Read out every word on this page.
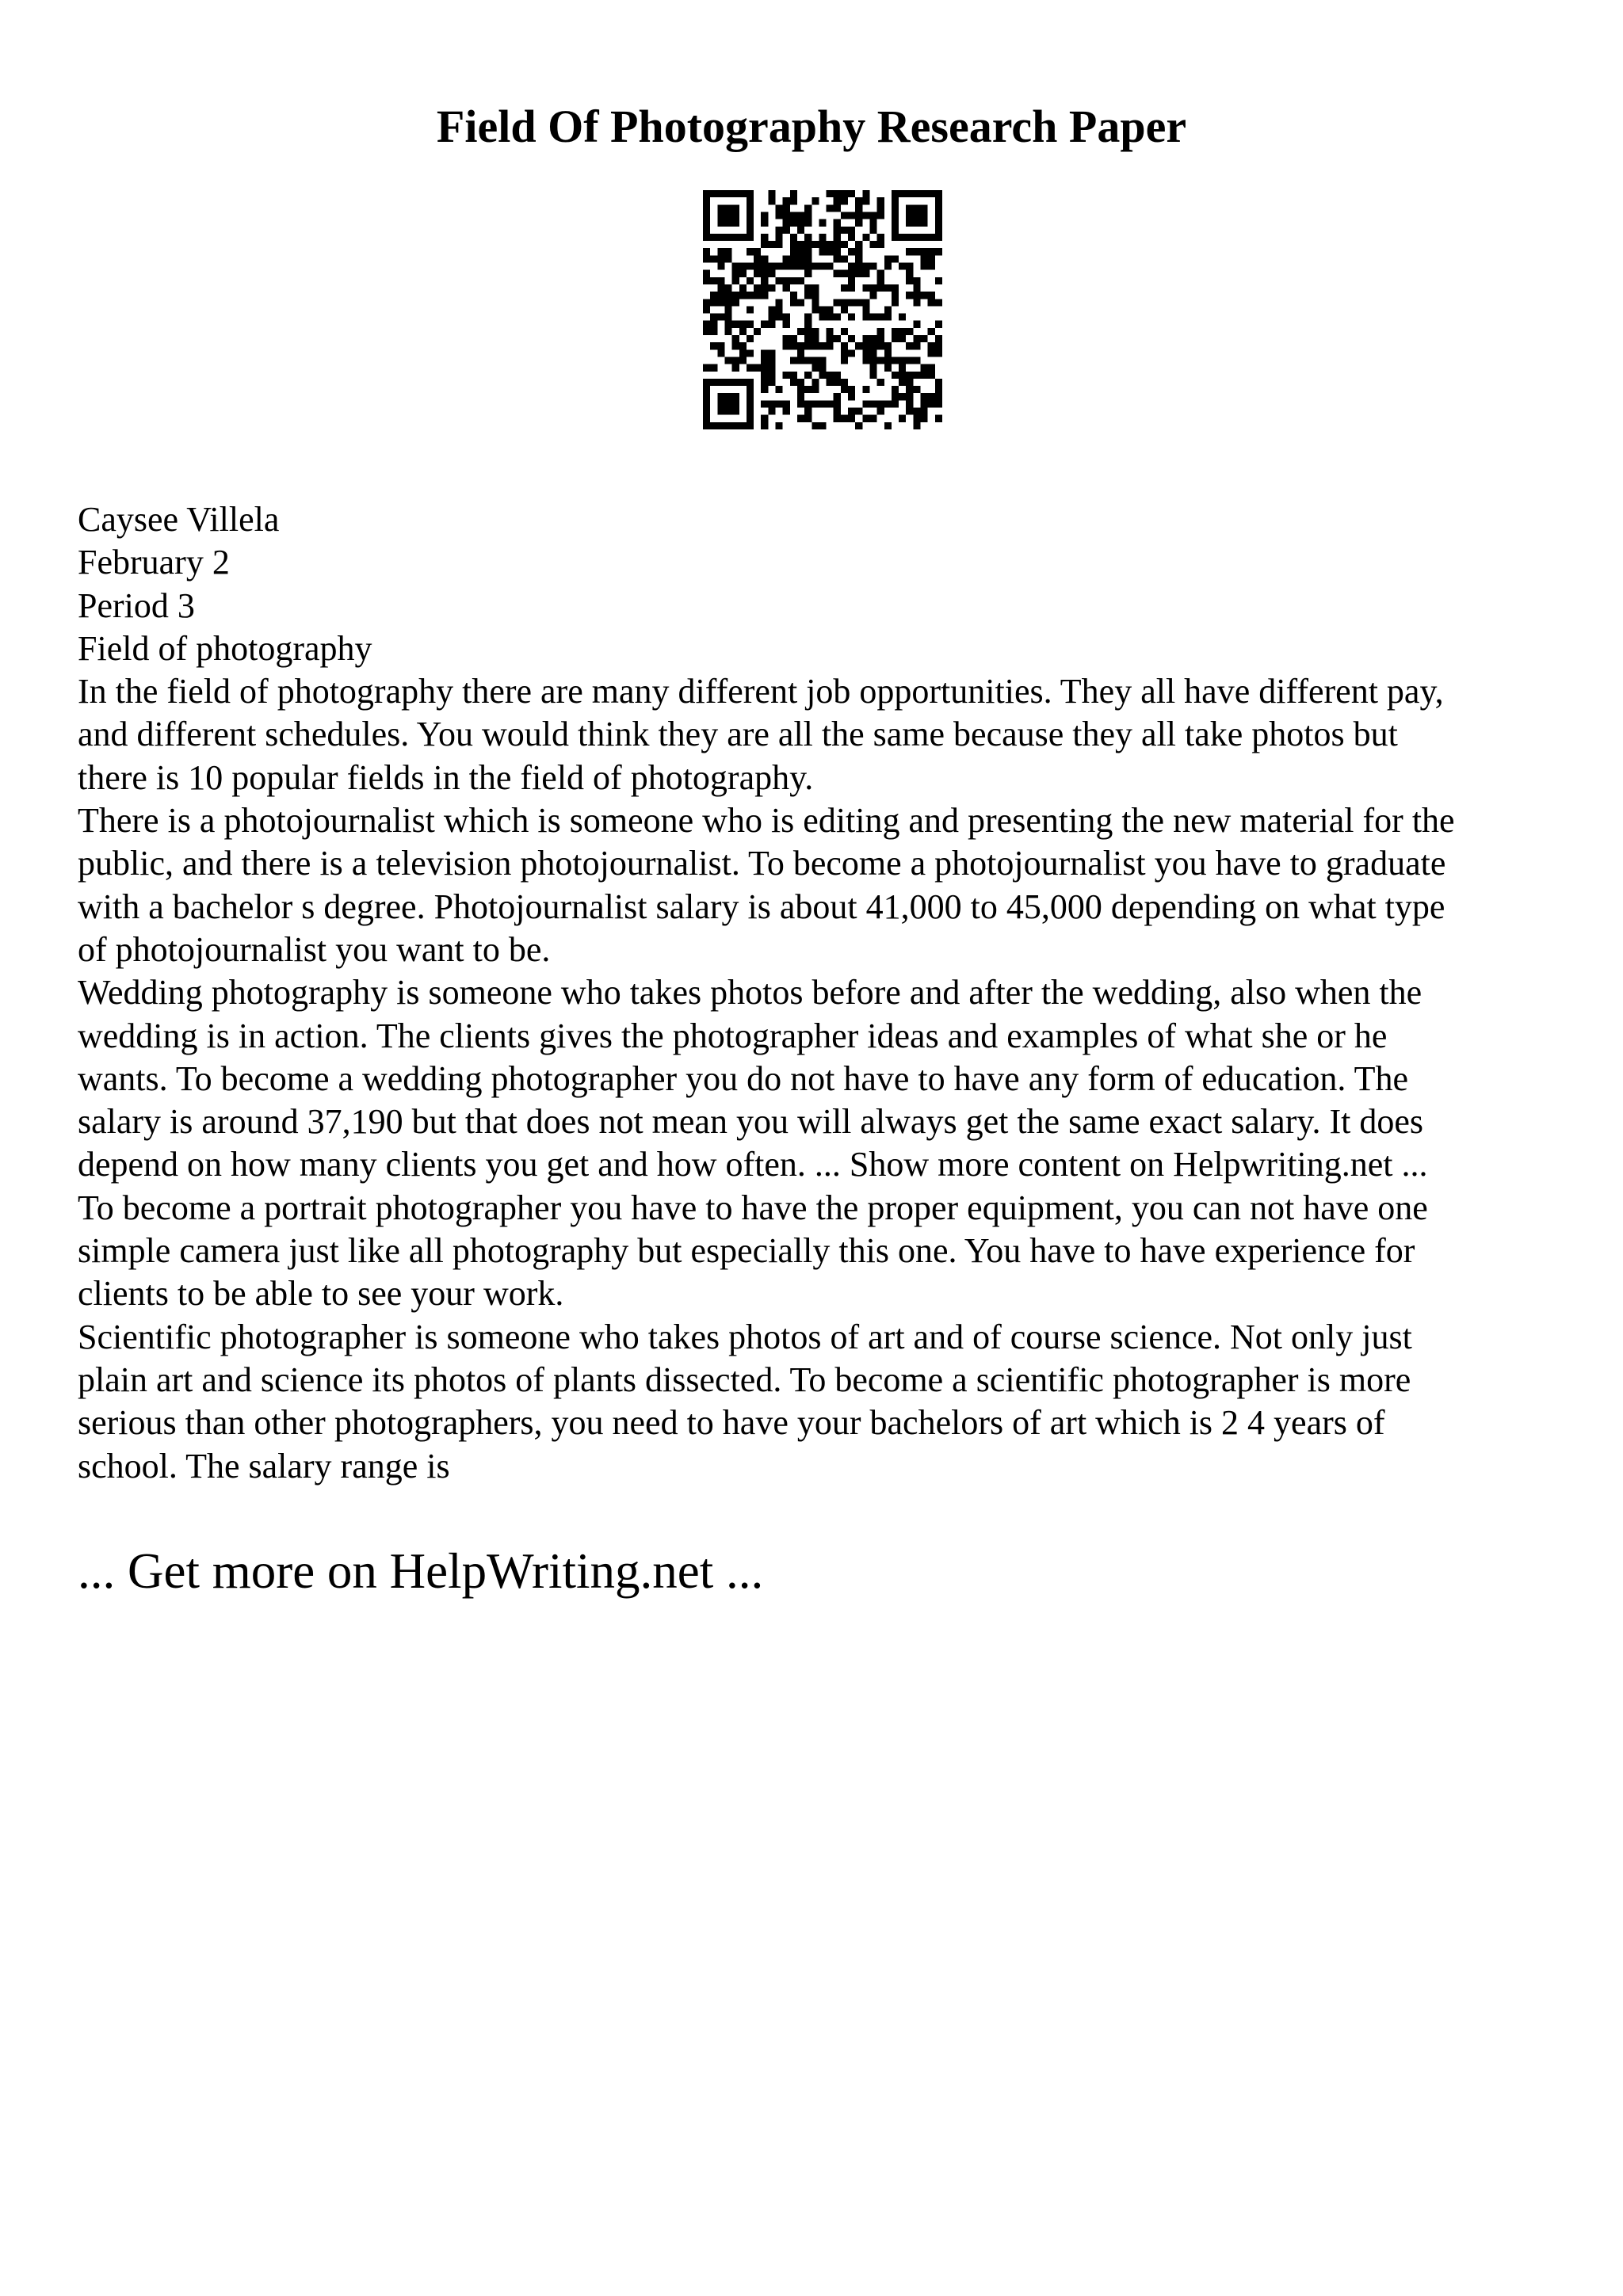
Field Of Photography Research Paper
Caysee Villela
February 2
Period 3
Field of photography
In the field of photography there are many different job opportunities. They all have different pay,
and different schedules. You would think they are all the same because they all take photos but
there is 10 popular fields in the field of photography.
There is a photojournalist which is someone who is editing and presenting the new material for the
public, and there is a television photojournalist. To become a photojournalist you have to graduate
with a bachelor s degree. Photojournalist salary is about 41,000 to 45,000 depending on what type
of photojournalist you want to be.
Wedding photography is someone who takes photos before and after the wedding, also when the
wedding is in action. The clients gives the photographer ideas and examples of what she or he
wants. To become a wedding photographer you do not have to have any form of education. The
salary is around 37,190 but that does not mean you will always get the same exact salary. It does
depend on how many clients you get and how often. ... Show more content on Helpwriting.net ...
To become a portrait photographer you have to have the proper equipment, you can not have one
simple camera just like all photography but especially this one. You have to have experience for
clients to be able to see your work.
Scientific photographer is someone who takes photos of art and of course science. Not only just
plain art and science its photos of plants dissected. To become a scientific photographer is more
serious than other photographers, you need to have your bachelors of art which is 2 4 years of
school. The salary range is
... Get more on HelpWriting.net ...
